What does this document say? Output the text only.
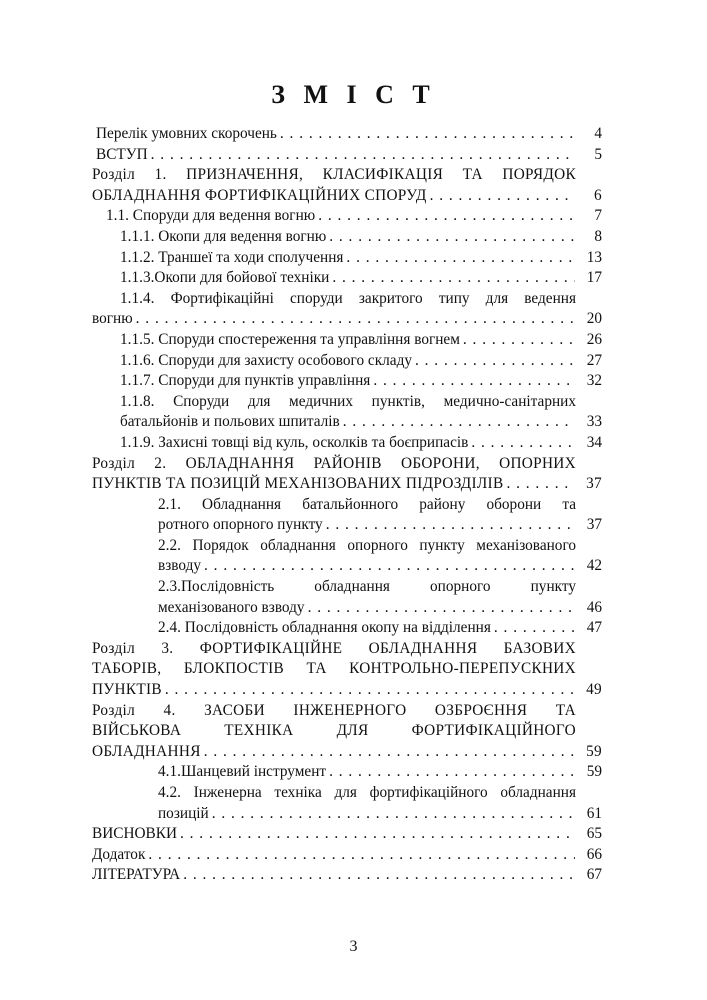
З М І С Т
Перелік умовних скорочень . . .	4
ВСТУП . . .	5
Розділ 1. ПРИЗНАЧЕННЯ, КЛАСИФІКАЦІЯ ТА ПОРЯДОК
ОБЛАДНАННЯ ФОРТИФІКАЦІЙНИХ СПОРУД . . .	6
1.1. Споруди для ведення вогню . . .	7
1.1.1. Окопи для ведення вогню . . .	8
1.1.2. Траншеї та ходи сполучення . . .	13
1.1.3.Окопи для бойової техніки . . .	17
1.1.4. Фортифікаційні споруди закритого типу для ведення
вогню . . .	20
1.1.5. Споруди спостереження та управління вогнем . . .	26
1.1.6. Споруди для захисту особового складу . . .	27
1.1.7. Споруди для пунктів управління . . .	32
1.1.8. Споруди для медичних пунктів, медично-санітарних
батальйонів и польових шпиталів . . .	33
1.1.9. Захисні товщі від куль, осколків та боєприпасів . . .	34
Розділ 2. ОБЛАДНАННЯ РАЙОНІВ ОБОРОНИ, ОПОРНИХ
ПУНКТІВ ТА ПОЗИЦІЙ МЕХАНІЗОВАНИХ ПІДРОЗДІЛІВ . . .	37
2.1. Обладнання батальйонного району оборони та
ротного опорного пункту . . .	37
2.2. Порядок обладнання опорного пункту механізованого
взводу . . .	42
2.3.Послідовність обладнання опорного пункту
механізованого взводу . . .	46
2.4. Послідовність обладнання окопу на відділення . . .	47
Розділ 3. ФОРТИФІКАЦІЙНЕ ОБЛАДНАННЯ БАЗОВИХ
ТАБОРІВ, БЛОКПОСТІВ ТА КОНТРОЛЬНО-ПЕРЕПУСКНИХ
ПУНКТІВ . . .	49
Розділ 4. ЗАСОБИ ІНЖЕНЕРНОГО ОЗБРОЄННЯ ТА
ВІЙСЬКОВА ТЕХНІКА ДЛЯ ФОРТИФІКАЦІЙНОГО
ОБЛАДНАННЯ . . .	59
4.1.Шанцевий інструмент . . .	59
4.2. Інженерна техніка для фортифікаційного обладнання
позицій . . .	61
ВИСНОВКИ . . .	65
Додаток . . .	66
ЛІТЕРАТУРА . . .	67
3
